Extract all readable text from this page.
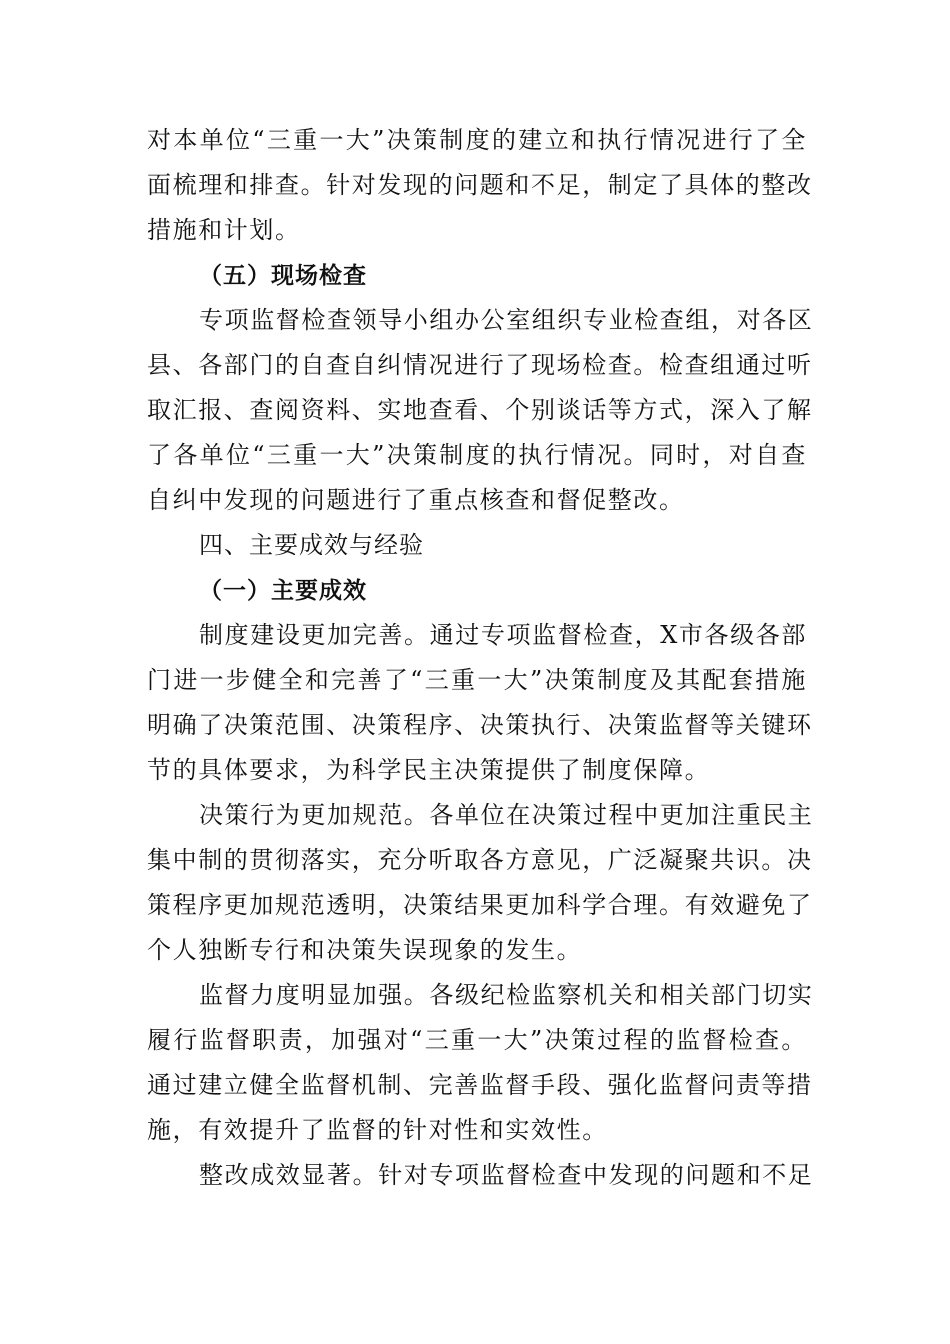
对本单位“三重一大”决策制度的建立和执行情况进行了全
面梳理和排查。针对发现的问题和不足，制定了具体的整改
措施和计划。
（五）现场检查
专项监督检查领导小组办公室组织专业检查组，对各区
县、各部门的自查自纠情况进行了现场检查。检查组通过听
取汇报、查阅资料、实地查看、个别谈话等方式，深入了解
了各单位“三重一大”决策制度的执行情况。同时，对自查
自纠中发现的问题进行了重点核查和督促整改。
四、主要成效与经验
（一）主要成效
制度建设更加完善。通过专项监督检查，X市各级各部
门进一步健全和完善了“三重一大”决策制度及其配套措施
明确了决策范围、决策程序、决策执行、决策监督等关键环
节的具体要求，为科学民主决策提供了制度保障。
决策行为更加规范。各单位在决策过程中更加注重民主
集中制的贯彻落实，充分听取各方意见，广泛凝聚共识。决
策程序更加规范透明，决策结果更加科学合理。有效避免了
个人独断专行和决策失误现象的发生。
监督力度明显加强。各级纪检监察机关和相关部门切实
履行监督职责，加强对“三重一大”决策过程的监督检查。
通过建立健全监督机制、完善监督手段、强化监督问责等措
施，有效提升了监督的针对性和实效性。
整改成效显著。针对专项监督检查中发现的问题和不足
